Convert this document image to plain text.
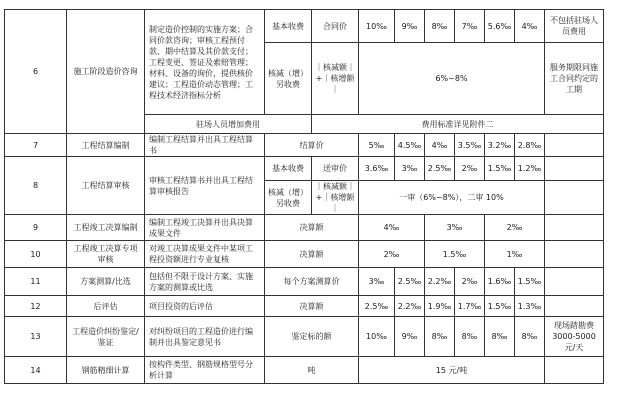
6	施工阶段造价咨询	制定造价控制的实施方案；合同价款咨询；审核工程预付款、期中结算及其价款支付；工程变更、签证及索赔管理；材料、设备的询价，提供核价建议；工程造价动态管理；工程技术经济指标分析	基本收费	合同价	10‰	9‰	8‰	7‰	5.6‰	4‰	不包括驻场人员费用	
			核减（增）另收费	｜核减额｜+｜核增额｜	6%~8%						服务期限同施工合同约定的工期	
		驻场人员增加费用		费用标准详见附件二								
7	工程结算编制	编制工程结算并出具工程结算书	结算价		5‰	4.5‰	4‰	3.5‰	3.2‰	2.8‰		
8	工程结算审核	审核工程结算书并出具工程结算审核报告	基本收费	送审价	3.6‰	3‰	2.5‰	2‰	1.5‰	1.2‰		
			核减（增）另收费	｜核减额｜+｜核增额｜	一审（6%~8%），二审 10%							
9	工程竣工决算编制	编制工程竣工决算并出具决算成果文件	决算额		4‰		3‰		2‰			
10	工程竣工决算专项审核	对竣工决算成果文件中某项工程投资额进行专业复核	决算额		2‰		1.5‰		1‰			
11	方案测算/比选	包括但不限于设计方案、实施方案的测算或比选	每个方案测算价		3‰	2.5‰	2.2‰	2‰	1.6‰	1.5‰		
12	后评估	项目投资的后评估	决算额		2.5‰	2.2‰	1.9‰	1.7‰	1.5‰	1.3‰		
13	工程造价纠纷鉴定/鉴证	对纠纷项目的工程造价进行编制并出具鉴定意见书	鉴定标的额		10‰	9‰	8‰	8‰	8‰	8‰	现场踏勘费 3000-5000 元/天	
14	钢筋精细计算	按构件类型、钢筋规格型号分析计算	吨		15 元/吨							
